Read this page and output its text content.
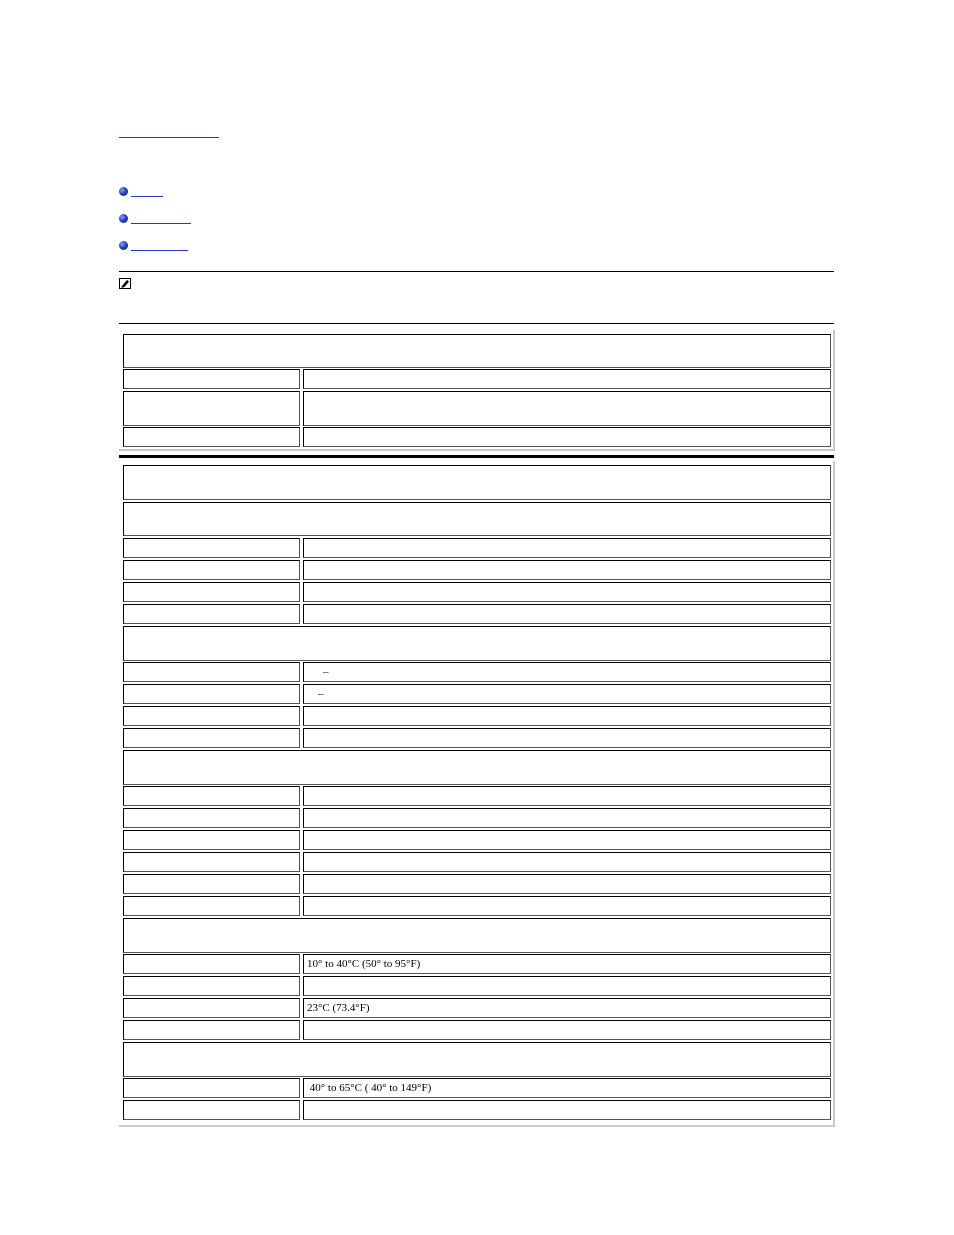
–
–
10° to 40°C (50° to 95°F)
23°C (73.4°F)
40° to 65°C ( 40° to 149°F)
